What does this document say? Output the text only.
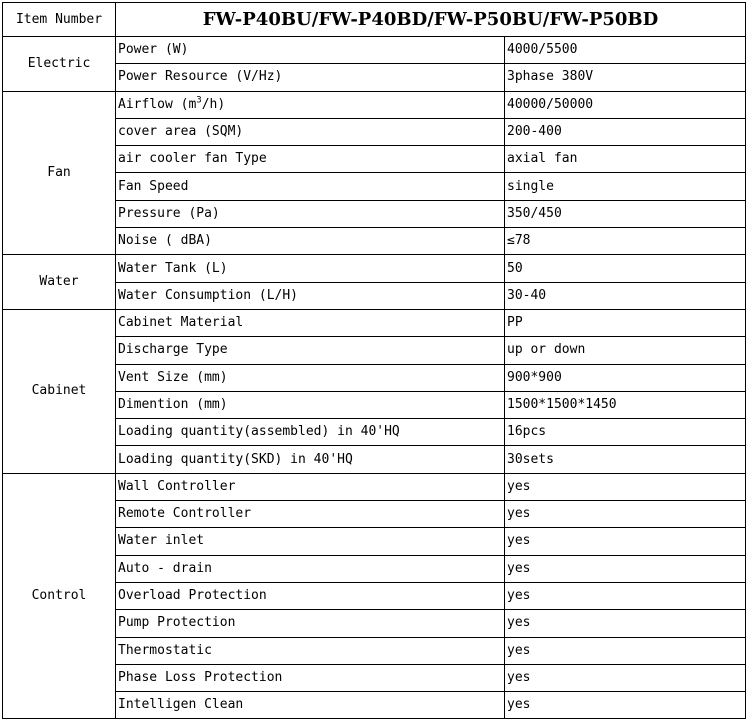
Item Number	FW-P40BU/FW-P40BD/FW-P50BU/FW-P50BD	
Electric	Power (W)	4000/5500
	Power Resource (V/Hz)	3phase 380V
Fan	Airflow $(m^3/h)$	40000/50000
	cover area (SQM)	200-400
	air cooler fan Type	axial fan
	Fan Speed	single
	Pressure (Pa)	350/450
	Noise ( dBA)	≤78
Water	Water Tank (L)	50
	Water Consumption (L/H)	30-40
Cabinet	Cabinet Material	PP
	Discharge Type	up or down
	Vent Size (mm)	900*900
	Dimention (mm)	1500*1500*1450
	Loading quantity(assembled) in 40'HQ	16pcs
	Loading quantity(SKD) in 40'HQ	30sets
Control	Wall Controller	yes
	Remote Controller	yes
	Water inlet	yes
	Auto - drain	yes
	Overload Protection	yes
	Pump Protection	yes
	Thermostatic	yes
	Phase Loss Protection	yes
	Intelligen Clean	yes
